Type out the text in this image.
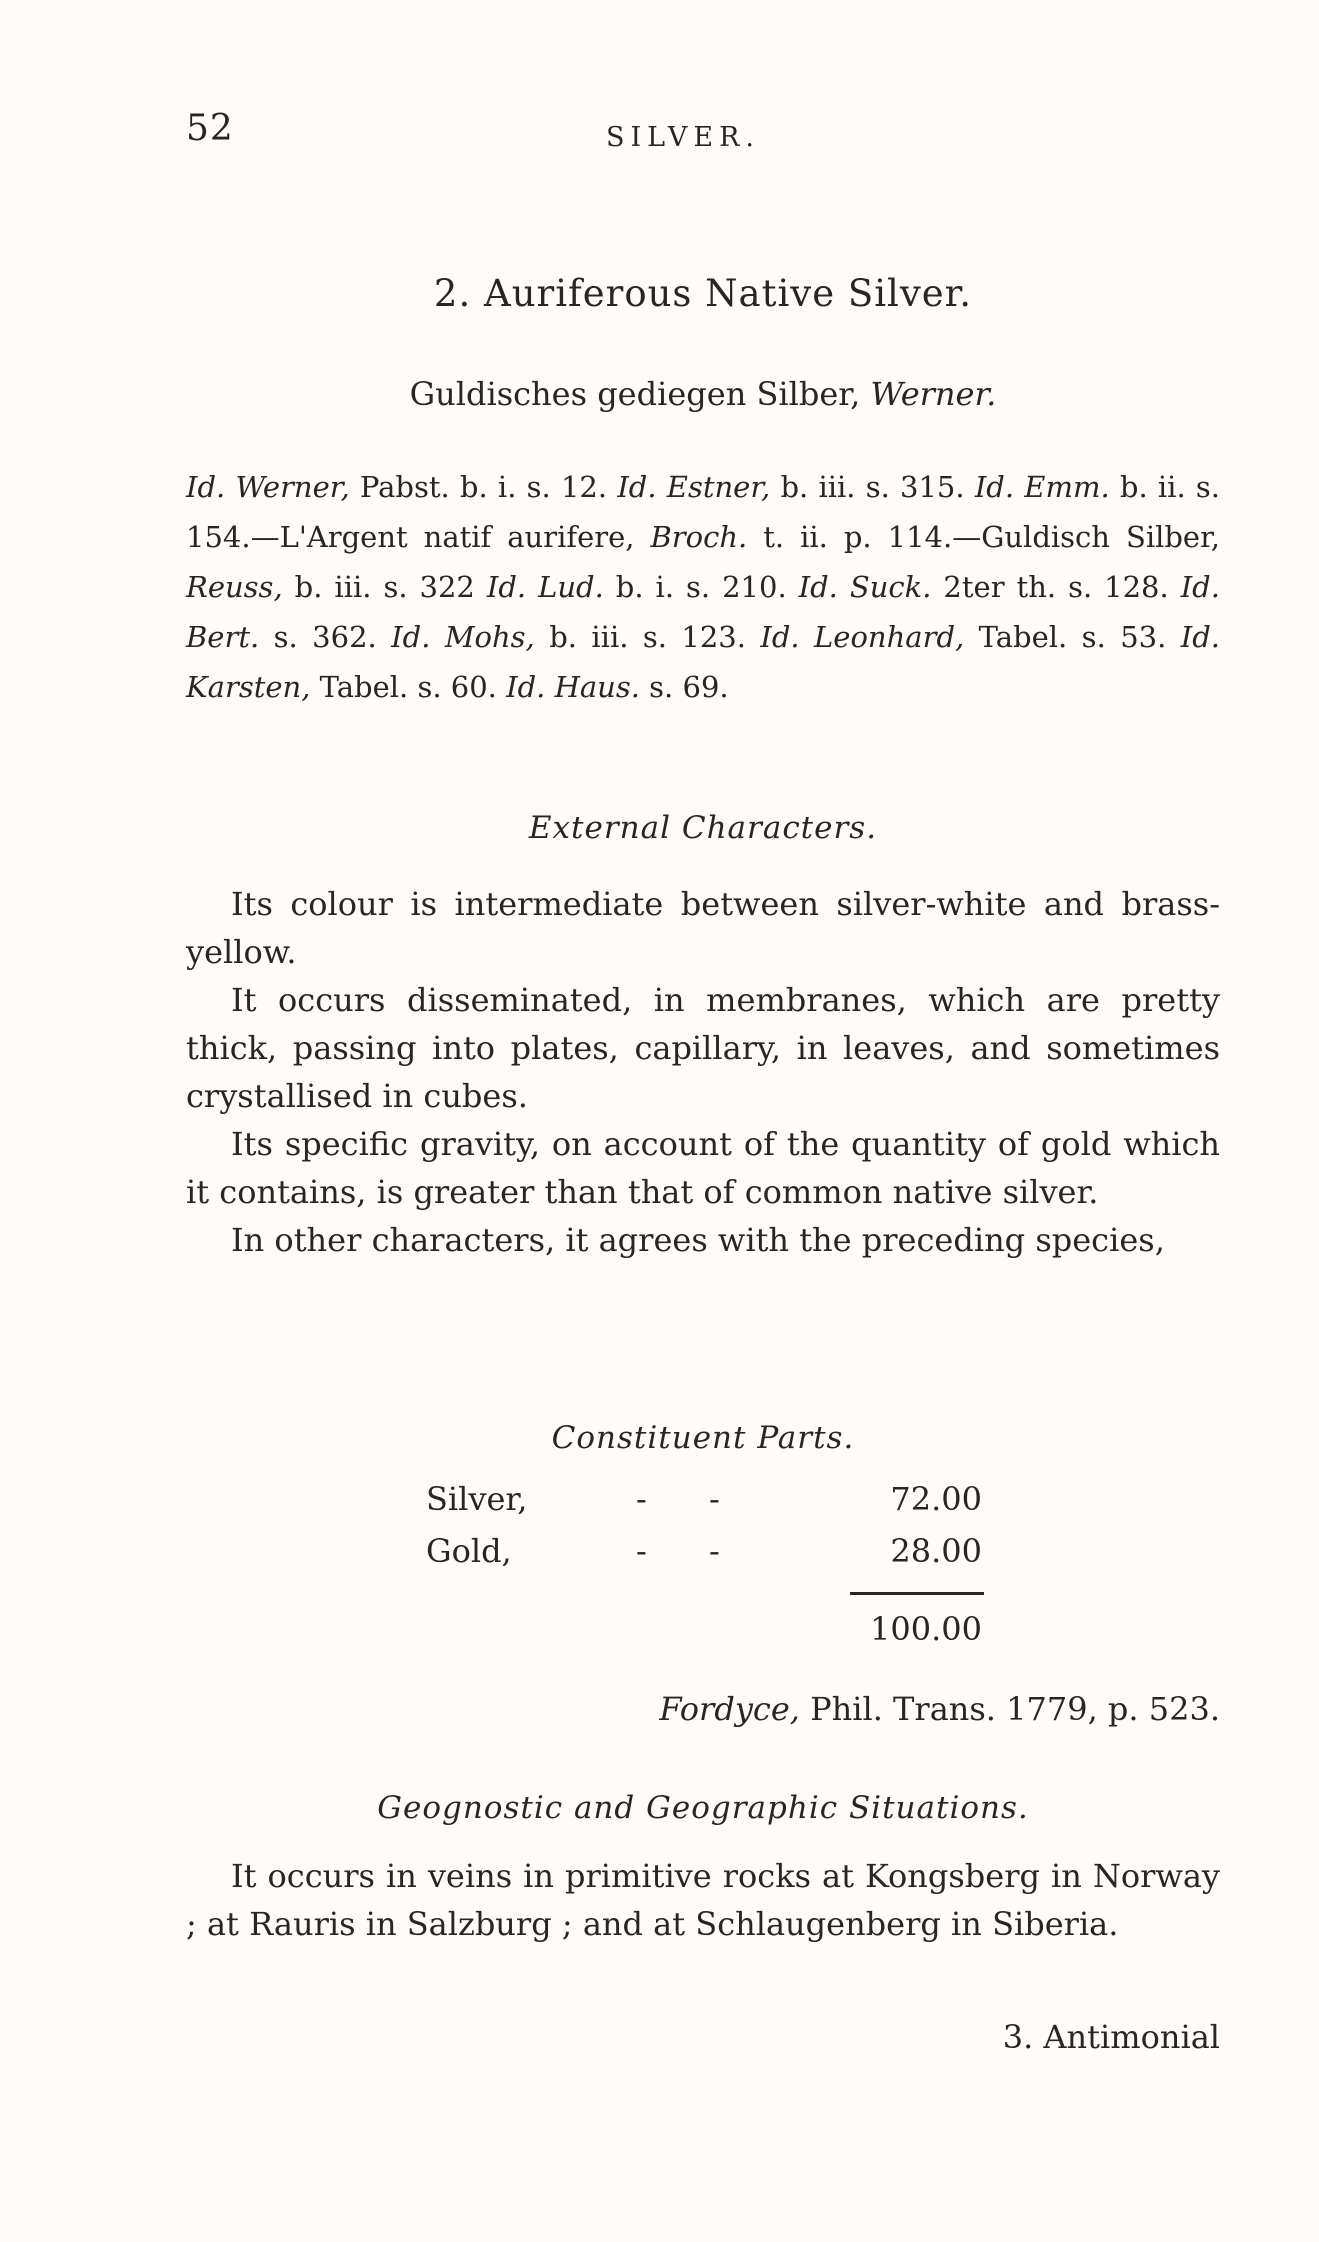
52	SILVER.
2. Auriferous Native Silver.
Guldisches gediegen Silber, Werner.

Id. Werner, Pabst. b. i. s. 12. Id. Estner, b. iii. s. 315. Id. Emm. b. ii. s. 154.—L'Argent natif aurifere, Broch. t. ii. p. 114.—Guldisch Silber, Reuss, b. iii. s. 322 Id. Lud. b. i. s. 210. Id. Suck. 2ter th. s. 128. Id. Bert. s. 362. Id. Mohs, b. iii. s. 123. Id. Leonhard, Tabel. s. 53. Id. Karsten, Tabel. s. 60. Id. Haus. s. 69.

External Characters.

Its colour is intermediate between silver-white and brass-yellow.

It occurs disseminated, in membranes, which are pretty thick, passing into plates, capillary, in leaves, and sometimes crystallised in cubes.

Its specific gravity, on account of the quantity of gold which it contains, is greater than that of common native silver.

In other characters, it agrees with the preceding species,

Constituent Parts.
Silver,	- -	72.00
Gold,	- -	28.00
100.00
Fordyce, Phil. Trans. 1779, p. 523.
Geognostic and Geographic Situations.

It occurs in veins in primitive rocks at Kongsberg in Norway ; at Rauris in Salzburg ; and at Schlaugenberg in Siberia.

3. Antimonial
